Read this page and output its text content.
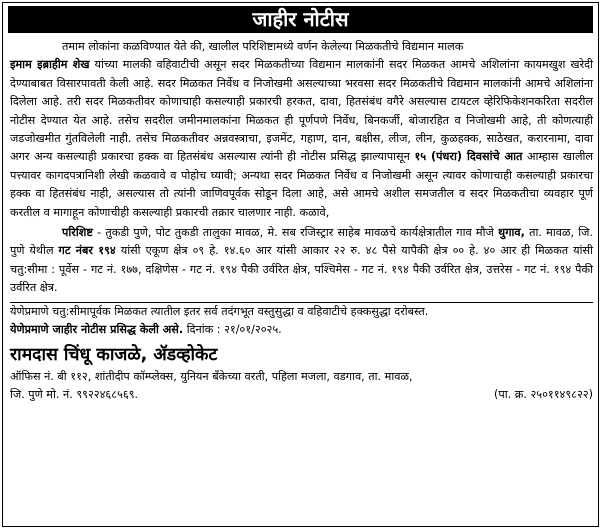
जाहीर नोटीस

तमाम लोकांना कळविण्यात येते की, खालील परिशिष्टामध्ये वर्णन केलेल्या मिळकतीचे विद्यमान मालक
इमाम इब्राहीम शेख यांच्या मालकी वहिवाटीची असून सदर मिळकतीच्या विद्यमान मालकांनी सदर मिळकत आमचे अशिलांना कायमखुश खरेदी देण्याबाबत विसारपावती केली आहे. सदर मिळकत निर्वेध व निजोखमी असल्याच्या भरवसा सदर मिळकतीचे विद्यमान मालकांनी आमचे अशिलांना दिलेला आहे. तरी सदर मिळकतीवर कोणाचाही कसल्याही प्रकारची हरकत, दावा, हितसंबंध वगैरे असल्यास टायटल व्हेरिफिकेशनकरिता सदरील नोटीस देण्यात येत आहे. तसेच सदरील जमीनमालकांना मिळकत ही पूर्णपणे निर्वेध, बिनकर्जी, बोजारहित व निजोखमी आहे, ती कोणत्याही जडजोखमीत गुंतविलेली नाही. तसेच मिळकतीवर अन्नवस्त्राचा, इजमेंट, गहाण, दान, बक्षीस, लीज, लीन, कुळहक्क, साठेखत, करारनामा, दावा अगर अन्य कसल्याही प्रकारचा हक्क वा हितसंबंध असल्यास त्यांनी ही नोटीस प्रसिद्ध झाल्यापासून १५ (पंधरा) दिवसांचे आत आम्हास खालील पत्त्यावर कागदपत्रानिशी लेखी कळवावे व पोहोच घ्यावी; अन्यथा सदर मिळकत निर्वेध व निजोखमी असून त्यावर कोणाचाही कसल्याही प्रकारचा हक्क वा हितसंबंध नाही, असल्यास तो त्यांनी जाणिवपूर्वक सोडून दिला आहे, असे आमचे अशील समजतील व सदर मिळकतीचा व्यवहार पूर्ण करतील व मागाहून कोणाचीही कसल्याही प्रकारची तक्रार चालणार नाही. कळावे,

परिशिष्ट - तुकडी पुणे, पोट तुकडी तालुका मावळ, मे. सब रजिस्ट्रार साहेब मावळचे कार्यक्षेत्रातील गाव मौजे थुगाव, ता. मावळ, जि. पुणे येथील गट नंबर १९४ यांसी एकूण क्षेत्र ०९ हे. १४.६० आर यांसी आकार २२ रु. ४८ पैसे यापैकी क्षेत्र ०० हे. ४० आर ही मिळकत यांसी चतु:सीमा : पूर्वेस - गट नं. १७७, दक्षिणेस - गट नं. १९४ पैकी उर्वरित क्षेत्र, पश्चिमेस - गट नं. १९४ पैकी उर्वरित क्षेत्र, उत्तरेस - गट नं. १९४ पैकी उर्वरित क्षेत्र.

येणेप्रमाणे चतु:सीमापूर्वक मिळकत त्यातील इतर सर्व तदंगभूत वस्तुसुद्धा व वहिवाटीचे हक्कसुद्धा दरोबस्त.

येणेप्रमाणे जाहीर नोटीस प्रसिद्ध केली असे. दिनांक : २१/०१/२०२५.

रामदास चिंधू काजळे, ॲडव्होकेट
ऑफिस नं. बी ११२, शांतीदीप कॉम्प्लेक्स, युनियन बँकेच्या वरती, पहिला मजला, वडगाव, ता. मावळ,
जि. पुणे मो. नं. ९९२२४६८५६९.	(पा. क्र. २५०११४९८२२)
